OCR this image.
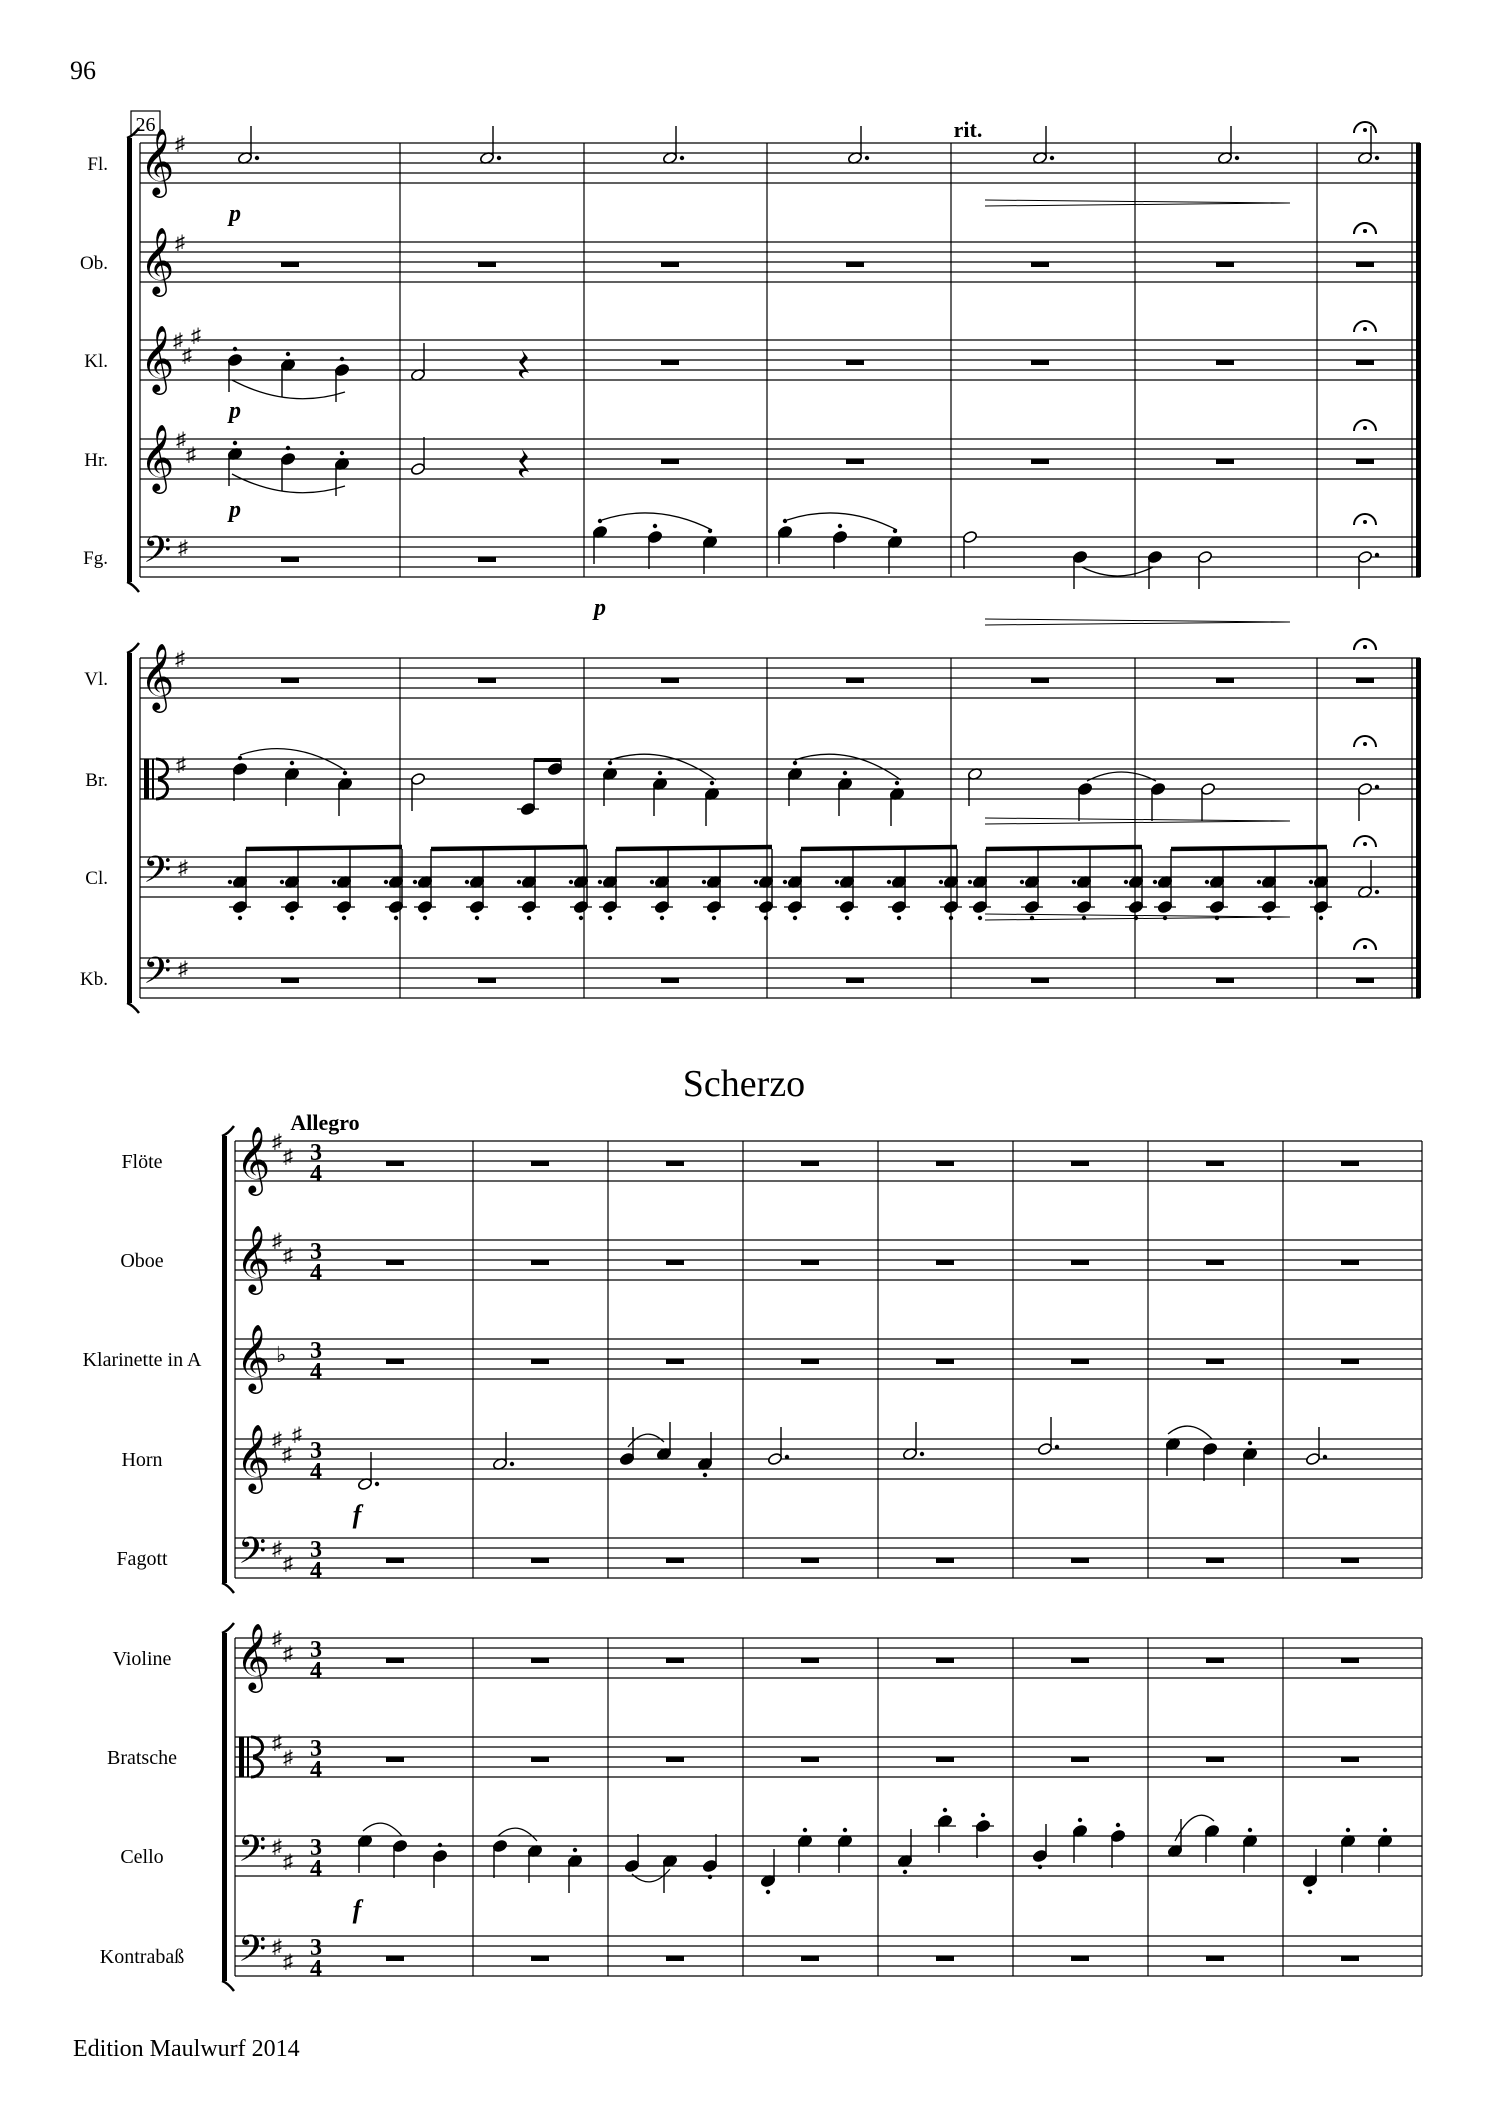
96
Scherzo
Edition Maulwurf 2014
Fl.
Ob.
Kl.
Hr.
Fg.
Vl.
Br.
Cl.
Kb.
26	rit.
𝄞
𝄞
𝄞
𝄞
𝄢
𝄞
𝄢
𝄢
♯
♯
♯
♯
♯
♯
♯
♯
♯
♯
♯
♯
p
p
p
p
Flöte
Oboe
Klarinette in A
Horn
Fagott
Violine
Bratsche
Cello
Kontrabaß
Allegro
𝄞 ♯
♯ 3
4
𝄞 ♯
♯ 3
4
𝄞 ♭ 3
4
𝄞 ♯
♯
♯
3
4
𝄢 ♯
♯
3
4
𝄞 ♯
♯ 3
4
♯
♯ 3
4
𝄢 ♯
♯
3
4
𝄢 ♯
♯
3
4
f
f
